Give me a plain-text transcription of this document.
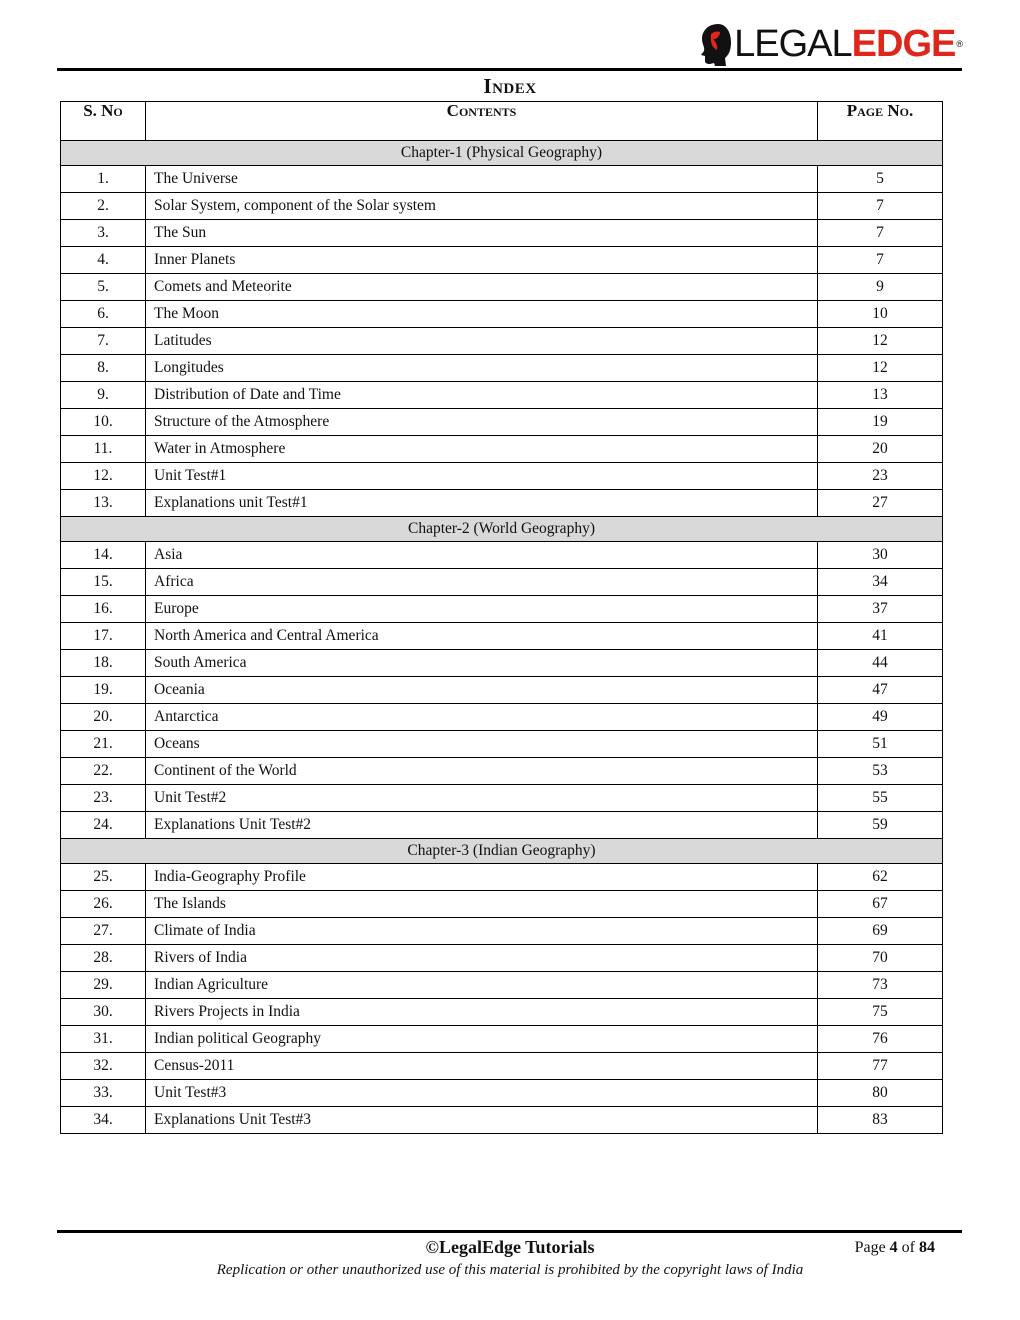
LEGALEDGE®
Index
S. No	Contents	Page No.
Chapter-1 (Physical Geography)		
1.	The Universe	5
2.	Solar System, component of the Solar system	7
3.	The Sun	7
4.	Inner Planets	7
5.	Comets and Meteorite	9
6.	The Moon	10
7.	Latitudes	12
8.	Longitudes	12
9.	Distribution of Date and Time	13
10.	Structure of the Atmosphere	19
11.	Water in Atmosphere	20
12.	Unit Test#1	23
13.	Explanations unit Test#1	27
Chapter-2 (World Geography)		
14.	Asia	30
15.	Africa	34
16.	Europe	37
17.	North America and Central America	41
18.	South America	44
19.	Oceania	47
20.	Antarctica	49
21.	Oceans	51
22.	Continent of the World	53
23.	Unit Test#2	55
24.	Explanations Unit Test#2	59
Chapter-3 (Indian Geography)		
25.	India-Geography Profile	62
26.	The Islands	67
27.	Climate of India	69
28.	Rivers of India	70
29.	Indian Agriculture	73
30.	Rivers Projects in India	75
31.	Indian political Geography	76
32.	Census-2011	77
33.	Unit Test#3	80
34.	Explanations Unit Test#3	83
©LegalEdge Tutorials	Page 4 of 84
Replication or other unauthorized use of this material is prohibited by the copyright laws of India
